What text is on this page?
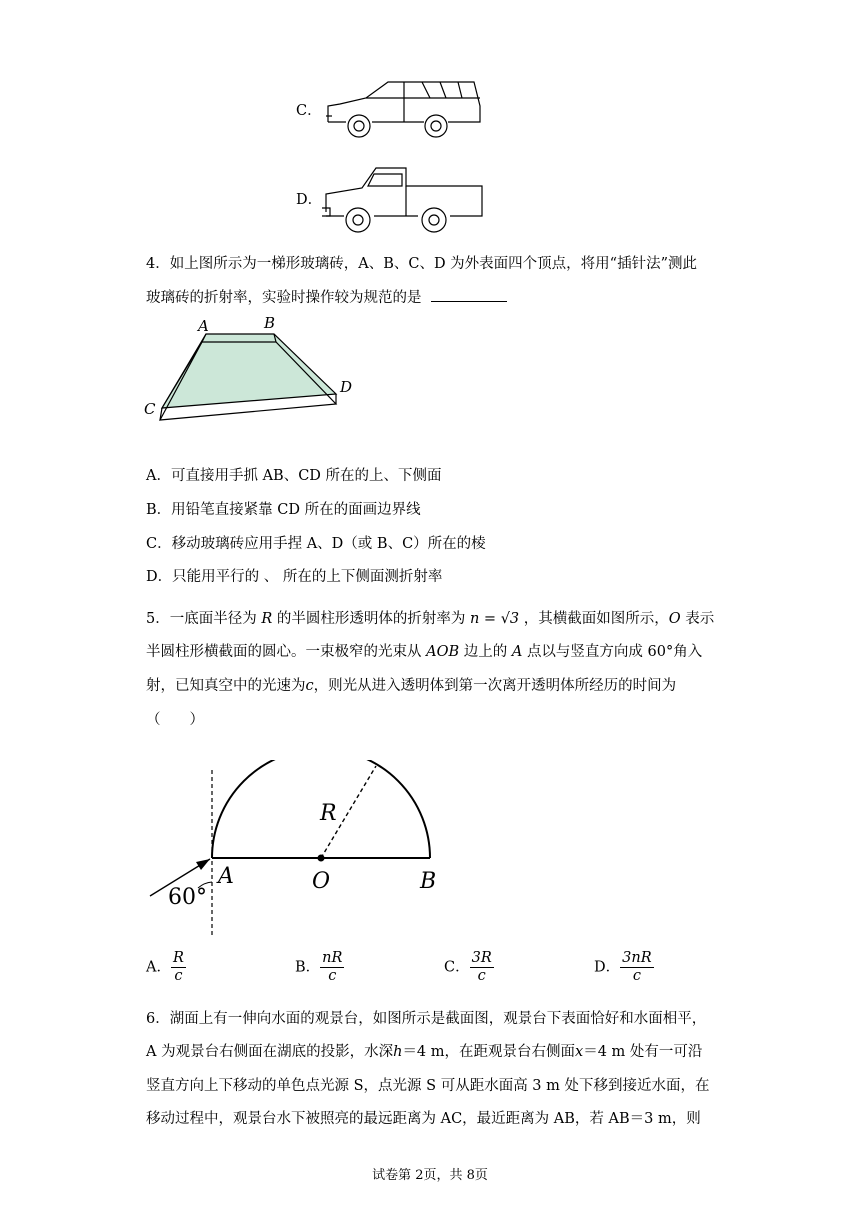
C．
D．
4．如上图所示为一梯形玻璃砖，A、B、C、D 为外表面四个顶点，将用“插针法”测此
玻璃砖的折射率，实验时操作较为规范的是
A	B
C
D
A．可直接用手抓 AB、CD 所在的上、下侧面
B．用铅笔直接紧靠 CD 所在的面画边界线
C．移动玻璃砖应用手捏 A、D（或 B、C）所在的棱
D．只能用平行的 、 所在的上下侧面测折射率
5．一底面半径为 R 的半圆柱形透明体的折射率为 n = √3 ，其横截面如图所示，O 表示
半圆柱形横截面的圆心。一束极窄的光束从 AOB 边上的 A 点以与竖直方向成 60°角入
射，已知真空中的光速为c，则光从进入透明体到第一次离开透明体所经历的时间为
（　　）
R
A	O	B
60°
A． $\frac{R}{c}$	B． $\frac{nR}{c}$	C． $\frac{3R}{c}$	D． $\frac{3nR}{c}$
6．湖面上有一伸向水面的观景台，如图所示是截面图，观景台下表面恰好和水面相平，
A 为观景台右侧面在湖底的投影，水深h＝4 m，在距观景台右侧面x＝4 m 处有一可沿
竖直方向上下移动的单色点光源 S，点光源 S 可从距水面高 3 m 处下移到接近水面，在
移动过程中，观景台水下被照亮的最远距离为 AC，最近距离为 AB，若 AB＝3 m，则
试卷第 2页，共 8页
